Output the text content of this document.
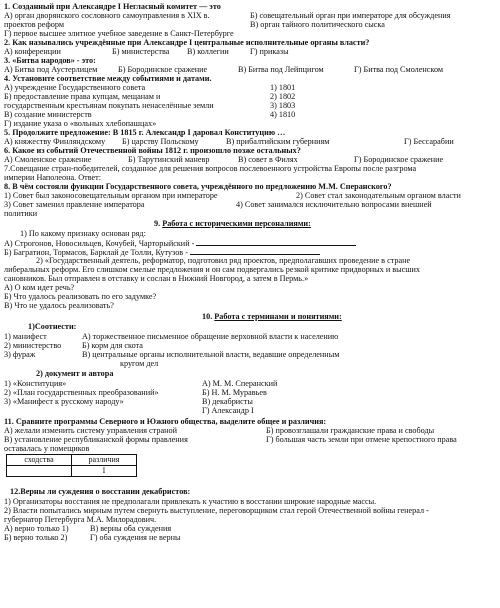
1. Созданный при Александре I Негласный комитет — это
А) орган дворянского сословного самоуправления в XIX в.	Б) совещательный орган при императоре для обсуждения
проектов реформ	В) орган тайного политического сыска
Г) первое высшее элитное учебное заведение в Санкт-Петербурге
2. Как назывались учреждённые при Александре I центральные исполнительные органы власти?
А) конференции	Б) министерства В) коллегии	Г) приказы
3. «Битва народов» - это:
А) Битва под Аустерлицем	Б) Бородинское сражение	В) Битва под Лейпцигом	Г) Битва под Смоленском
4. Установите соответствие между событиями и датами.
А) учреждение Государственного совета	1) 1801
Б) предоставление права купцам, мещанам и	2) 1802
государственным крестьянам покупать ненаселённые земли	3) 1803
В) создание министерств	4) 1810
Г) издание указа о «вольных хлебопашцах»
5. Продолжите предложение: В 1815 г. Александр I даровал Конституцию …
А) княжеству Финляндскому Б) царству Польскому	В) прибалтийским губерниям	Г) Бессарабии
6. Какое из событий Отечественной войны 1812 г. произошло позже остальных?
А) Смоленское сражение	Б) Тарутинский маневр	В) совет в Филях	Г) Бородинское сражение
7.Совещание стран-победителей, созданное для решения вопросов послевоенного устройства Европы после разгрома
империи Наполеона. Ответ:
8. В чём состояли функции Государственного совета, учреждённого по предложению М.М. Сперанского?
1) Совет был законосовещательным органом при императоре	2) Совет стал законодательным органом власти
3) Совет заменил правление императора	4) Совет занимался исключительно вопросами внешней
политики
9. Работа с историческими персоналиями:
1) По какому признаку основан ряд:
А) Строгонов, Новосильцев, Кочубей, Чарторыйский -
Б) Багратион, Тормасов, Барклай де Толли, Кутузов -
2) «Государственный деятель, реформатор, подготовил ряд проектов, предполагавших проведение в стране
либеральных реформ. Его слишком смелые предложения и он сам подвергались резкой критике придворных и высших
сановников. Был отправлен в отставку и сослан в Нижний Новгород, а затем в Пермь.»
А) О ком идет речь?
Б) Что удалось реализовать по его задумке?
В) Что не удалось реализовать?
10. Работа с терминами и понятиями:
1)Соотнести:
1) манифест	А) торжественное письменное обращение верховной власти к населению
2) министерство	Б) корм для скота
3) фураж	В) центральные органы исполнительной власти, ведавшие определенным
кругом дел
2) документ и автора
1) «Конституция»	А) М. М. Сперанский
2) «План государственных преобразований»	Б) Н. М. Муравьев
3) «Манифест к русскому народу»	В) декабристы
Г) Александр I
11. Сравните программы Северного и Южного общества, выделите общее и различия:
А) желали изменить систему управления страной	Б) провозглашали гражданские права и свободы
В) установление республиканской формы правления	Г) большая часть земли при отмене крепостного права
оставалась у помещиков
сходства	различия
	I
12.Верны ли суждения о восстании декабристов:
1) Организаторы восстания не предполагали привлекать к участию в восстании широкие народные массы.
2) Власти попытались мирным путем свернуть выступление, переговорщиком стал герой Отечественной войны генерал -
губернатор Петербурга М.А. Милорадович.
А) верно только 1)	В) верны оба суждения
Б) верно только 2)	Г) оба суждения не верны
